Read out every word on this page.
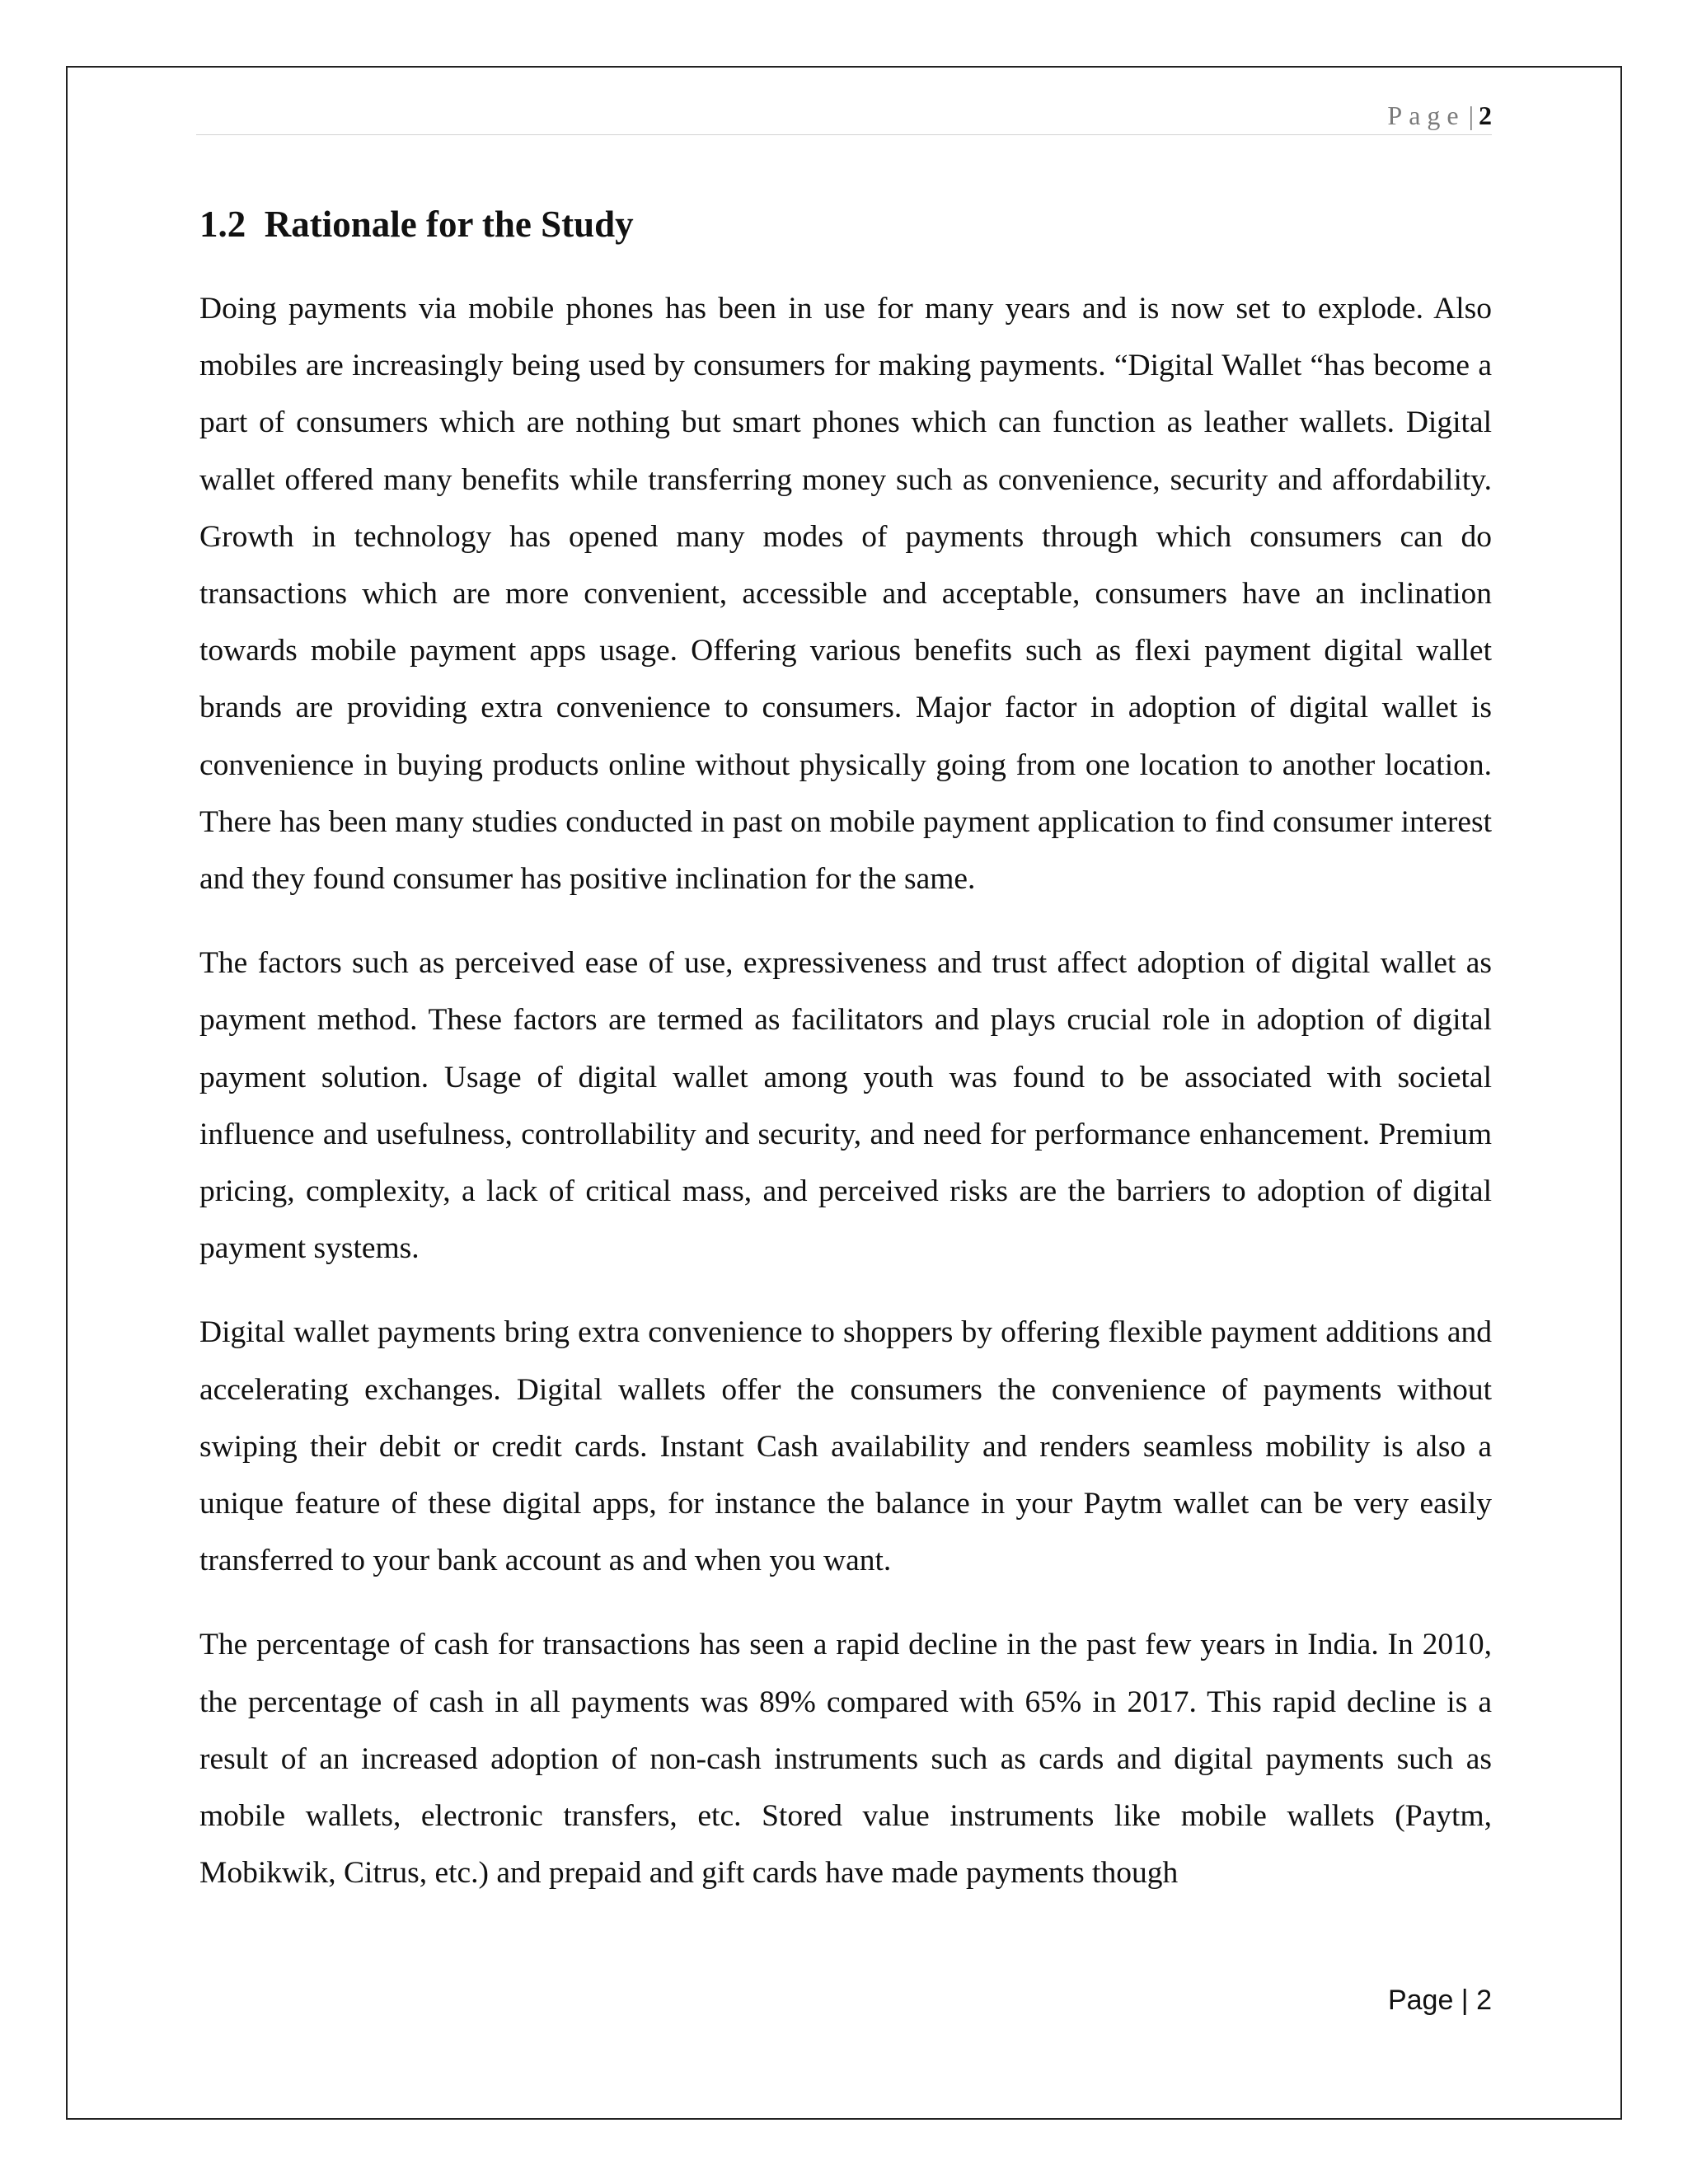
Page | 2
1.2  Rationale for the Study

Doing payments via mobile phones has been in use for many years and is now set to explode. Also mobiles are increasingly being used by consumers for making payments. “Digital Wallet “has become a part of consumers which are nothing but smart phones which can function as leather wallets. Digital wallet offered many benefits while transferring money such as convenience, security and affordability. Growth in technology has opened many modes of payments through which consumers can do transactions which are more convenient, accessible and acceptable, consumers have an inclination towards mobile payment apps usage. Offering various benefits such as flexi payment digital wallet brands are providing extra convenience to consumers. Major factor in adoption of digital wallet is convenience in buying products online without physically going from one location to another location. There has been many studies conducted in past on mobile payment application to find consumer interest and they found consumer has positive inclination for the same.

The factors such as perceived ease of use, expressiveness and trust affect adoption of digital wallet as payment method. These factors are termed as facilitators and plays crucial role in adoption of digital payment solution. Usage of digital wallet among youth was found to be associated with societal influence and usefulness, controllability and security, and need for performance enhancement. Premium pricing, complexity, a lack of critical mass, and perceived risks are the barriers to adoption of digital payment systems.

Digital wallet payments bring extra convenience to shoppers by offering flexible payment additions and accelerating exchanges. Digital wallets offer the consumers the convenience of payments without swiping their debit or credit cards. Instant Cash availability and renders seamless mobility is also a unique feature of these digital apps, for instance the balance in your Paytm wallet can be very easily transferred to your bank account as and when you want.

The percentage of cash for transactions has seen a rapid decline in the past few years in India. In 2010, the percentage of cash in all payments was 89% compared with 65% in 2017. This rapid decline is a result of an increased adoption of non-cash instruments such as cards and digital payments such as mobile wallets, electronic transfers, etc. Stored value instruments like mobile wallets (Paytm, Mobikwik, Citrus, etc.) and prepaid and gift cards have made payments though

Page | 2
